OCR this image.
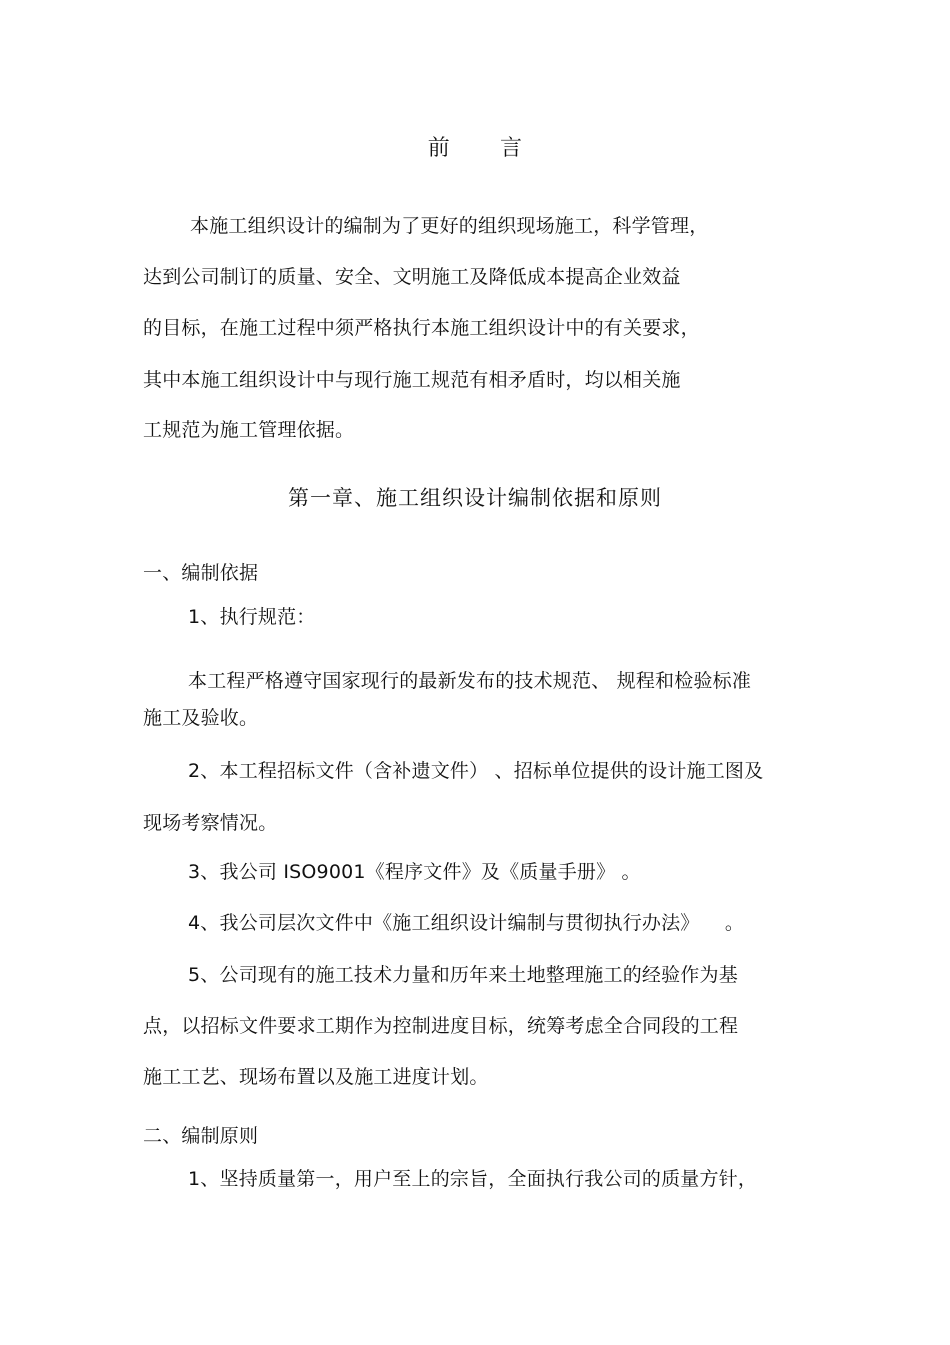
前 言
本施工组织设计的编制为了更好的组织现场施工，科学管理，
达到公司制订的质量、安全、文明施工及降低成本提高企业效益
的目标，在施工过程中须严格执行本施工组织设计中的有关要求，
其中本施工组织设计中与现行施工规范有相矛盾时，均以相关施
工规范为施工管理依据。
第一章、施工组织设计编制依据和原则
一、编制依据
1、执行规范：
本工程严格遵守国家现行的最新发布的技术规范、 规程和检验标准
施工及验收。
2、本工程招标文件（含补遗文件） 、招标单位提供的设计施工图及
现场考察情况。
3、我公司 ISO9001《程序文件》及《质量手册》 。
4、我公司层次文件中《施工组织设计编制与贯彻执行办法》 　。
5、公司现有的施工技术力量和历年来土地整理施工的经验作为基
点，以招标文件要求工期作为控制进度目标，统筹考虑全合同段的工程
施工工艺、现场布置以及施工进度计划。
二、编制原则
1、坚持质量第一，用户至上的宗旨，全面执行我公司的质量方针，
